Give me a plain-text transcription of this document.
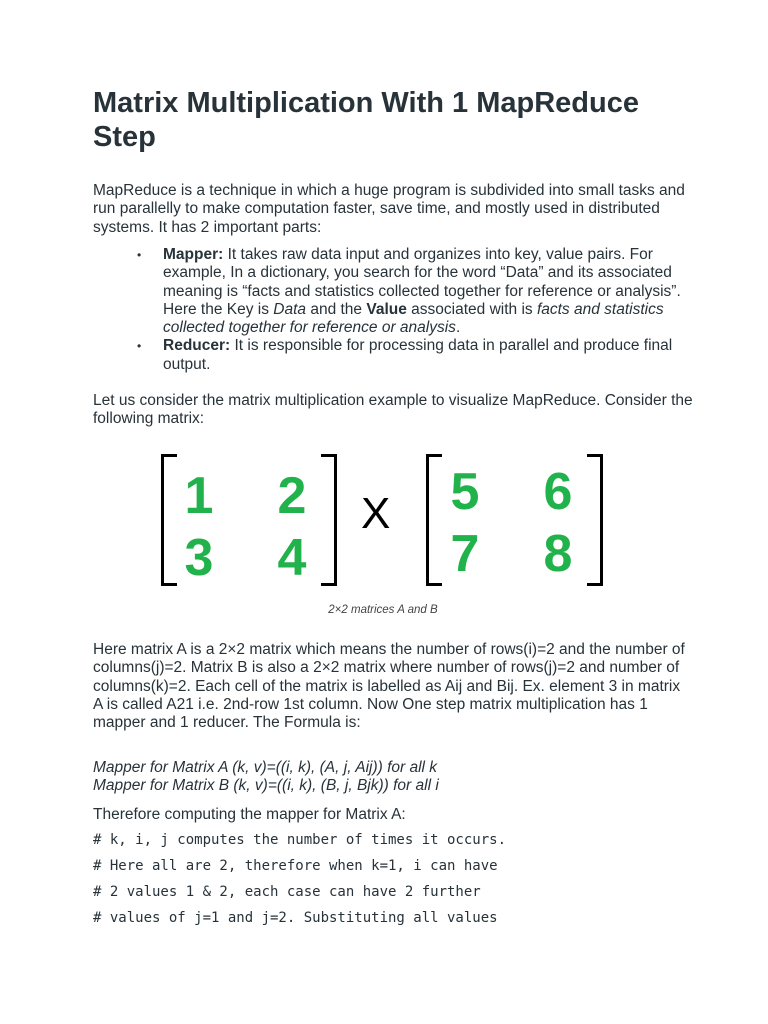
Matrix Multiplication With 1 MapReduce Step

MapReduce is a technique in which a huge program is subdivided into small tasks and run parallelly to make computation faster, save time, and mostly used in distributed systems. It has 2 important parts:

• Mapper: It takes raw data input and organizes into key, value pairs. For example, In a dictionary, you search for the word “Data” and its associated meaning is “facts and statistics collected together for reference or analysis”. Here the Key is Data and the Value associated with is facts and statistics collected together for reference or analysis.
• Reducer: It is responsible for processing data in parallel and produce final output.

Let us consider the matrix multiplication example to visualize MapReduce. Consider the following matrix:

1 2
3 4
X 5 6
7 8
2×2 matrices A and B

Here matrix A is a 2×2 matrix which means the number of rows(i)=2 and the number of columns(j)=2. Matrix B is also a 2×2 matrix where number of rows(j)=2 and number of columns(k)=2. Each cell of the matrix is labelled as Aij and Bij. Ex. element 3 in matrix A is called A21 i.e. 2nd-row 1st column. Now One step matrix multiplication has 1 mapper and 1 reducer. The Formula is:

Mapper for Matrix A (k, v)=((i, k), (A, j, Aij)) for all k
Mapper for Matrix B (k, v)=((i, k), (B, j, Bjk)) for all i

Therefore computing the mapper for Matrix A:

# k, i, j computes the number of times it occurs.
# Here all are 2, therefore when k=1, i can have
# 2 values 1 & 2, each case can have 2 further
# values of j=1 and j=2. Substituting all values
